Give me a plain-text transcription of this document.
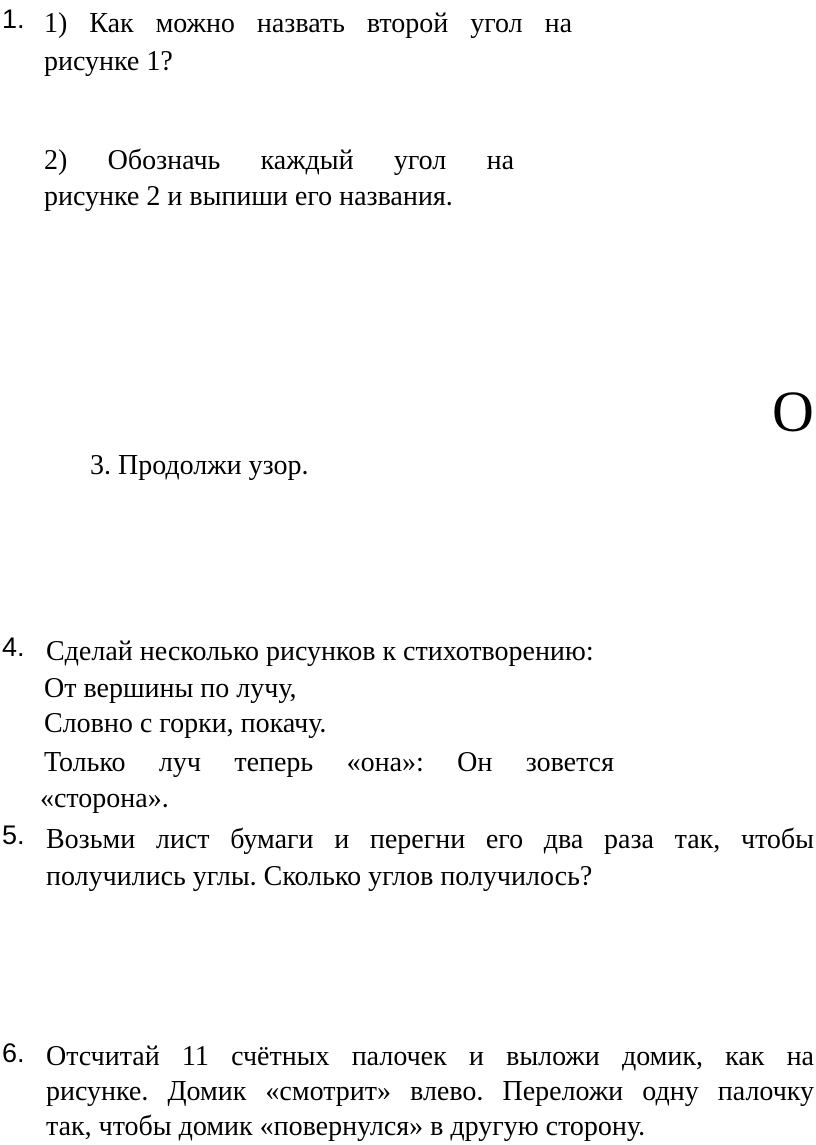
1. 1) Как можно назвать второй угол на
рисунке 1?
2) Обозначь каждый угол на
рисунке 2 и выпиши его названия.
О
3. Продолжи узор.
4. Сделай несколько рисунков к стихотворению:
От вершины по лучу,
Словно с горки, покачу.
Только луч теперь «она»: Он зовется
«сторона».
5. Возьми лист бумаги и перегни его два раза так, чтобы
получились углы. Сколько углов получилось?
6. Отсчитай 11 счётных палочек и выложи домик, как на
рисунке. Домик «смотрит» влево. Переложи одну палочку
так, чтобы домик «повернулся» в другую сторону.
